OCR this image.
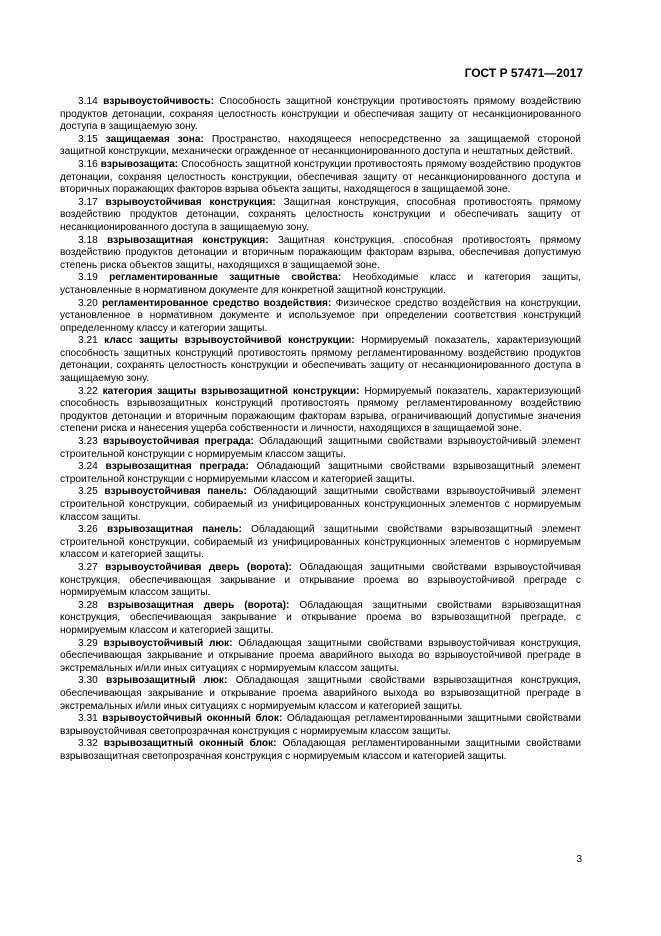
ГОСТ Р 57471—2017

3.14 взрывоустойчивость: Способность защитной конструкции противостоять прямому воздействию продуктов детонации, сохраняя целостность конструкции и обеспечивая защиту от несанкционированного доступа в защищаемую зону.

3.15 защищаемая зона: Пространство, находящееся непосредственно за защищаемой стороной защитной конструкции, механически огражденное от несанкционированного доступа и нештатных действий.

3.16 взрывозащита: Способность защитной конструкции противостоять прямому воздействию продуктов детонации, сохраняя целостность конструкции, обеспечивая защиту от несанкционированного доступа и вторичных поражающих факторов взрыва объекта защиты, находящегося в защищаемой зоне.

3.17 взрывоустойчивая конструкция: Защитная конструкция, способная противостоять прямому воздействию продуктов детонации, сохранять целостность конструкции и обеспечивать защиту от несанкционированного доступа в защищаемую зону.

3.18 взрывозащитная конструкция: Защитная конструкция, способная противостоять прямому воздействию продуктов детонации и вторичным поражающим факторам взрыва, обеспечивая допустимую степень риска объектов защиты, находящихся в защищаемой зоне.

3.19 регламентированные защитные свойства: Необходимые класс и категория защиты, установленные в нормативном документе для конкретной защитной конструкции.

3.20 регламентированное средство воздействия: Физическое средство воздействия на конструкции, установленное в нормативном документе и используемое при определении соответствия конструкций определенному классу и категории защиты.

3.21 класс защиты взрывоустойчивой конструкции: Нормируемый показатель, характеризующий способность защитных конструкций противостоять прямому регламентированному воздействию продуктов детонации, сохранять целостность конструкции и обеспечивать защиту от несанкционированного доступа в защищаемую зону.

3.22 категория защиты взрывозащитной конструкции: Нормируемый показатель, характеризующий способность взрывозащитных конструкций противостоять прямому регламентированному воздействию продуктов детонации и вторичным поражающим факторам взрыва, ограничивающий допустимые значения степени риска и нанесения ущерба собственности и личности, находящихся в защищаемой зоне.

3.23 взрывоустойчивая преграда: Обладающий защитными свойствами взрывоустойчивый элемент строительной конструкции с нормируемым классом защиты.

3.24 взрывозащитная преграда: Обладающий защитными свойствами взрывозащитный элемент строительной конструкции с нормируемыми классом и категорией защиты.

3.25 взрывоустойчивая панель: Обладающий защитными свойствами взрывоустойчивый элемент строительной конструкции, собираемый из унифицированных конструкционных элементов с нормируемым классом защиты.

3.26 взрывозащитная панель: Обладающий защитными свойствами взрывозащитный элемент строительной конструкции, собираемый из унифицированных конструкционных элементов с нормируемым классом и категорией защиты.

3.27 взрывоустойчивая дверь (ворота): Обладающая защитными свойствами взрывоустойчивая конструкция, обеспечивающая закрывание и открывание проема во взрывоустойчивой преграде с нормируемым классом защиты.

3.28 взрывозащитная дверь (ворота): Обладающая защитными свойствами взрывозащитная конструкция, обеспечивающая закрывание и открывание проема во взрывозащитной преграде, с нормируемым классом и категорией защиты.

3.29 взрывоустойчивый люк: Обладающая защитными свойствами взрывоустойчивая конструкция, обеспечивающая закрывание и открывание проема аварийного выхода во взрывоустойчивой преграде в экстремальных и/или иных ситуациях с нормируемым классом защиты.

3.30 взрывозащитный люк: Обладающая защитными свойствами взрывозащитная конструкция, обеспечивающая закрывание и открывание проема аварийного выхода во взрывозащитной преграде в экстремальных и/или иных ситуациях с нормируемым классом и категорией защиты.

3.31 взрывоустойчивый оконный блок: Обладающая регламентированными защитными свойствами взрывоустойчивая светопрозрачная конструкция с нормируемым классом защиты.

3.32 взрывозащитный оконный блок: Обладающая регламентированными защитными свойствами взрывозащитная светопрозрачная конструкция с нормируемым классом и категорией защиты.

3
